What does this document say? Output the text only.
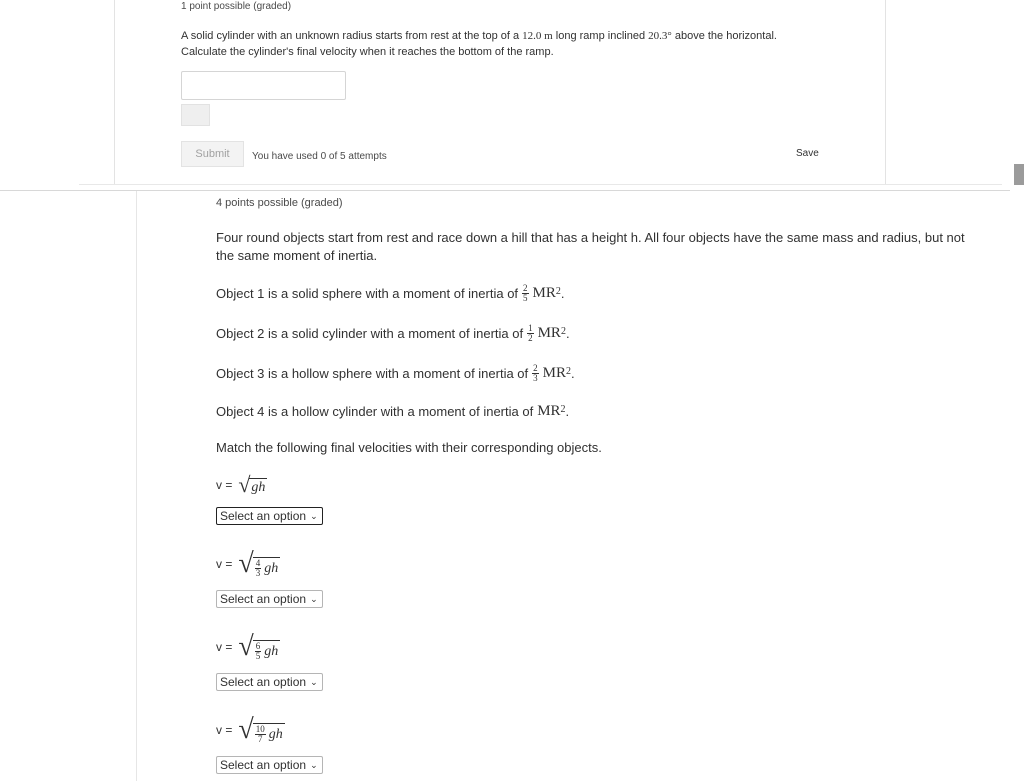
1 point possible (graded)
A solid cylinder with an unknown radius starts from rest at the top of a 12.0 m long ramp inclined 20.3° above the horizontal. Calculate the cylinder's final velocity when it reaches the bottom of the ramp.
Submit	You have used 0 of 5 attempts	Save
4 points possible (graded)
Four round objects start from rest and race down a hill that has a height h. All four objects have the same mass and radius, but not the same moment of inertia.
Object 1 is a solid sphere with a moment of inertia of $\frac{2}{5}$ MR 2 .
Object 2 is a solid cylinder with a moment of inertia of $\frac{1}{2}$ MR 2 .
Object 3 is a hollow sphere with a moment of inertia of $\frac{2}{3}$ MR 2 .
Object 4 is a hollow cylinder with a moment of inertia of MR 2 .
Match the following final velocities with their corresponding objects.
v = √ gh
Select an option ⌄
v = √ $\frac{4}{3}$ gh
Select an option ⌄
v = √ $\frac{6}{5}$ gh
Select an option ⌄
v = √ $\frac{10}{7}$ gh
Select an option ⌄
